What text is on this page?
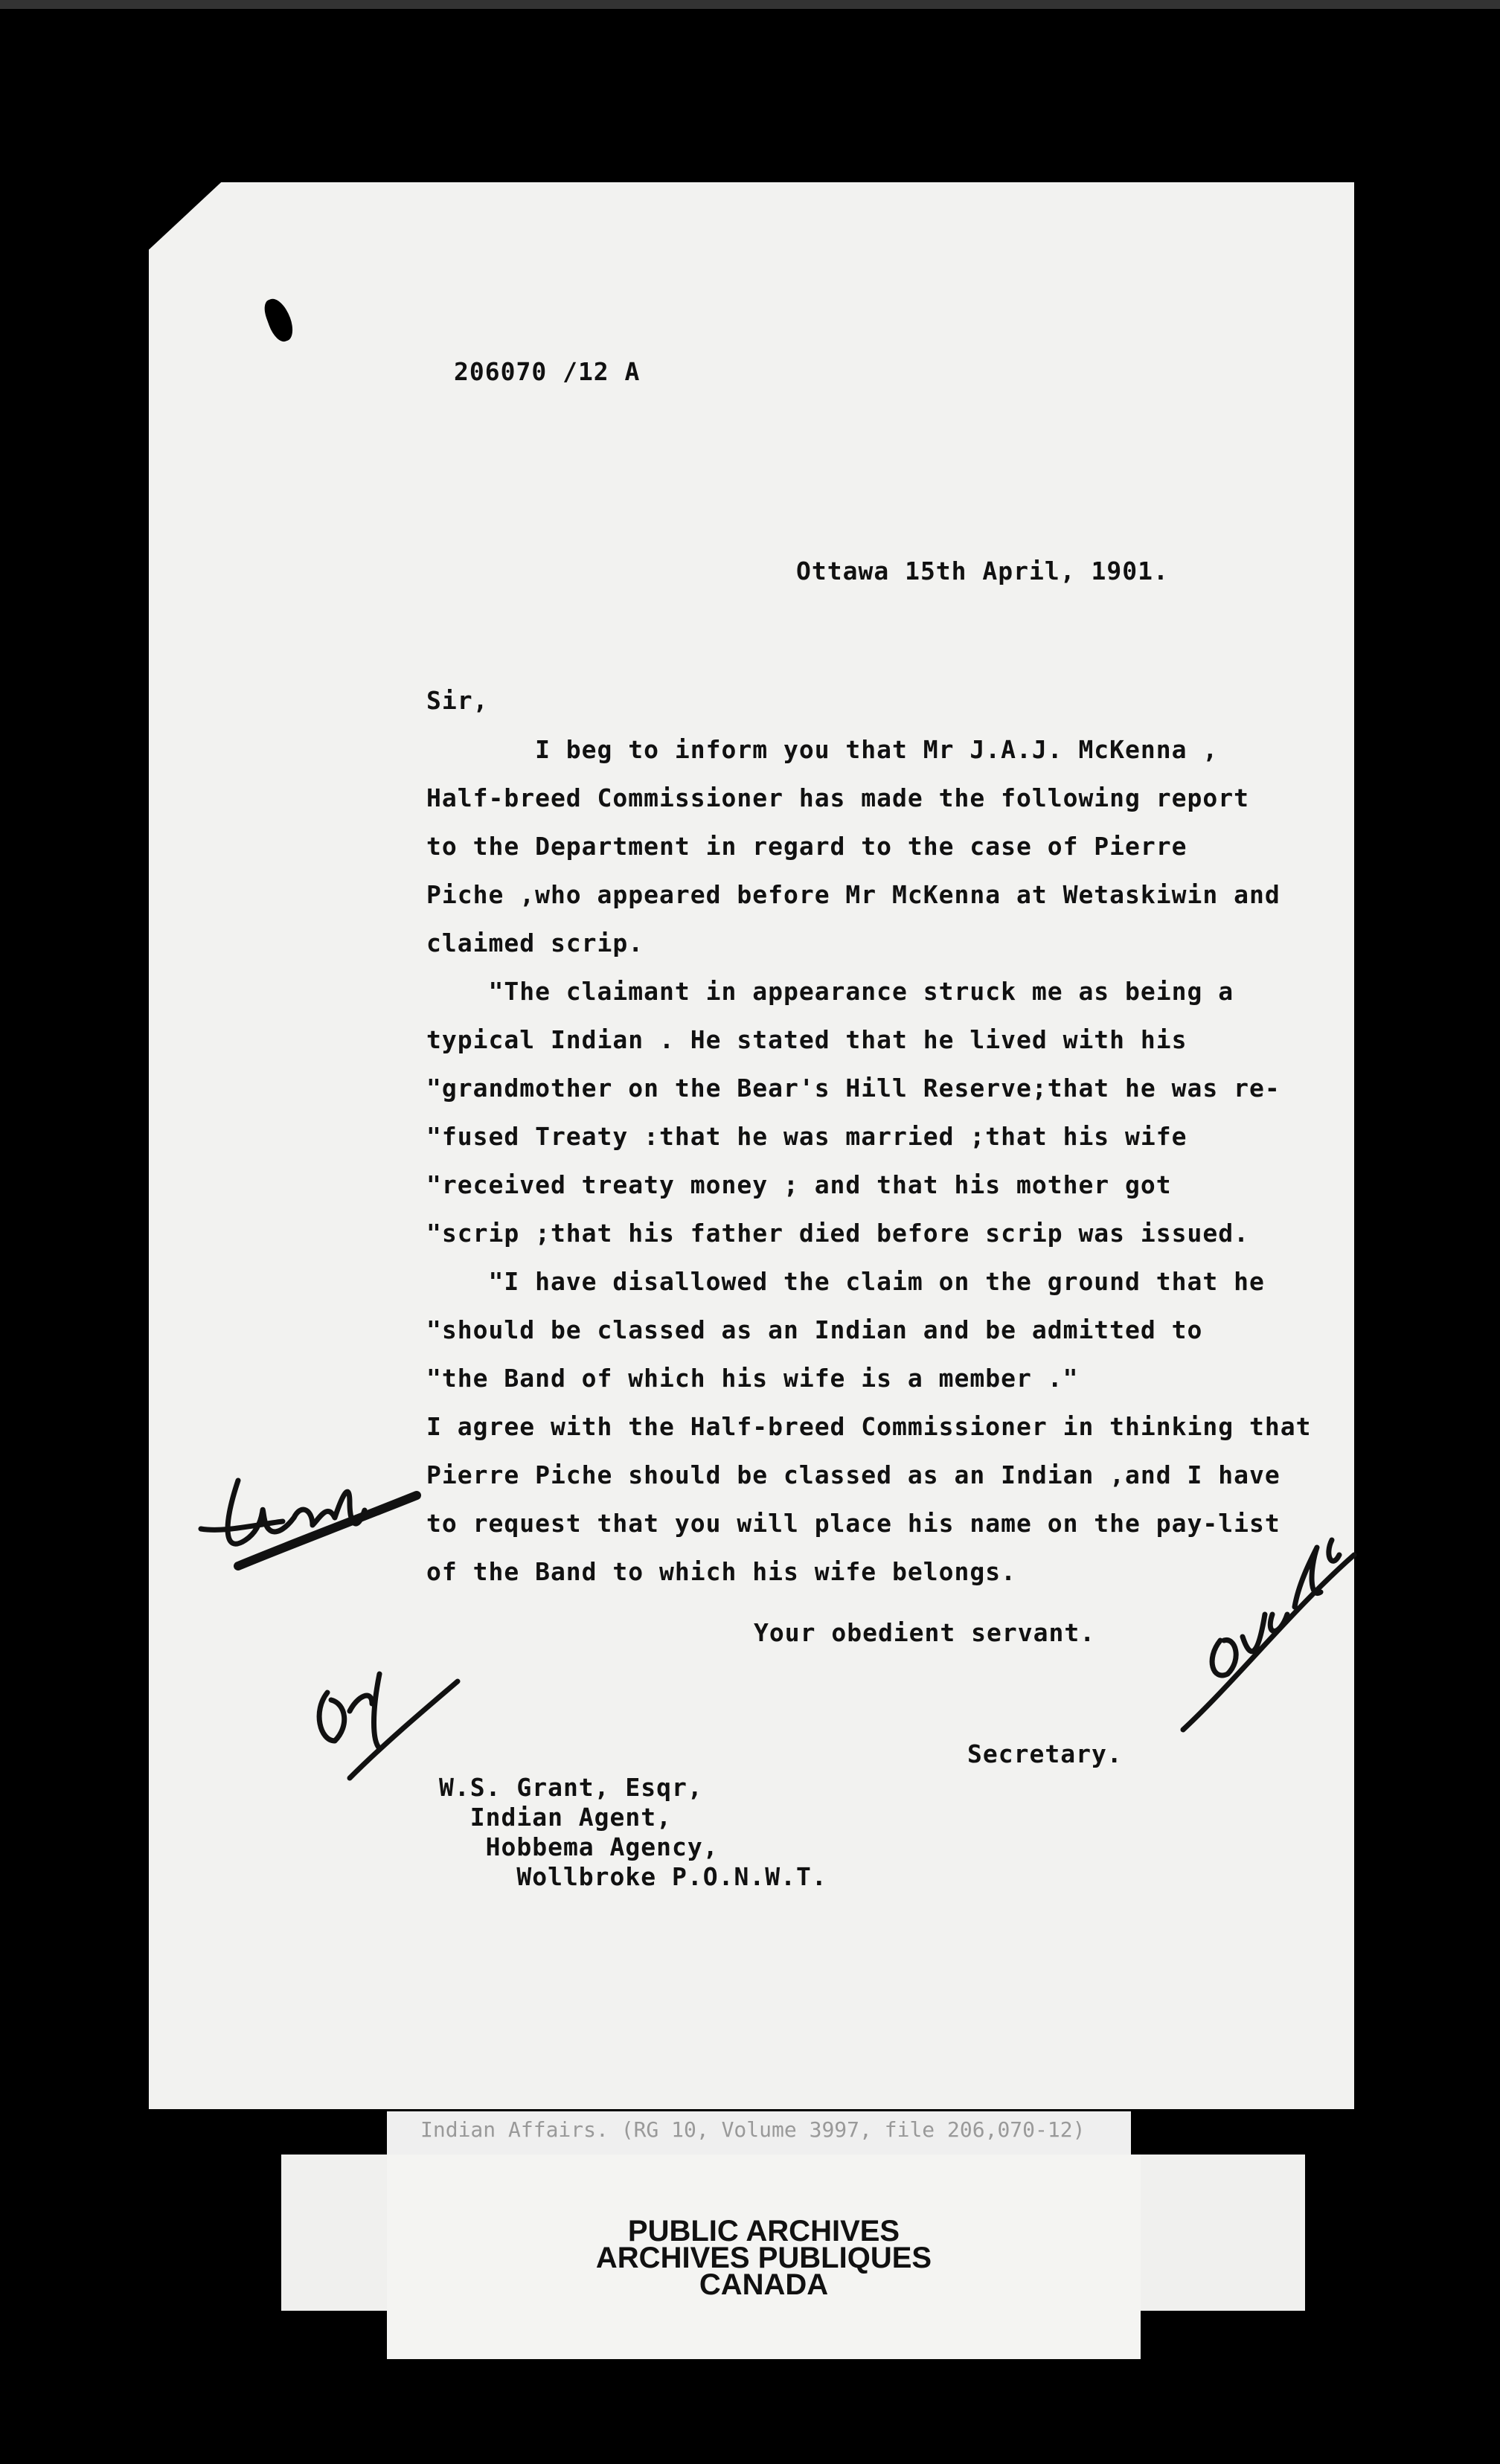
206070 /12 A
Ottawa 15th April, 1901.
Sir,
I beg to inform you that Mr J.A.J. McKenna ,
Half-breed Commissioner has made the following report
to the Department in regard to the case of Pierre
Piche ,who appeared before Mr McKenna at Wetaskiwin and
claimed scrip.
"The claimant in appearance struck me as being a
typical Indian . He stated that he lived with his
"grandmother on the Bear's Hill Reserve;that he was re-
"fused Treaty :that he was married ;that his wife
"received treaty money ; and that his mother got
"scrip ;that his father died before scrip was issued.
"I have disallowed the claim on the ground that he
"should be classed as an Indian and be admitted to
"the Band of which his wife is a member ."
I agree with the Half-breed Commissioner in thinking that
Pierre Piche should be classed as an Indian ,and I have
to request that you will place his name on the pay-list
of the Band to which his wife belongs.
Your obedient servant.
Secretary.
W.S. Grant, Esqr,
Indian Agent,
Hobbema Agency,
Wollbroke P.O.N.W.T.
Indian Affairs. (RG 10, Volume 3997, file 206,070-12)
PUBLIC ARCHIVES
ARCHIVES PUBLIQUES
CANADA
